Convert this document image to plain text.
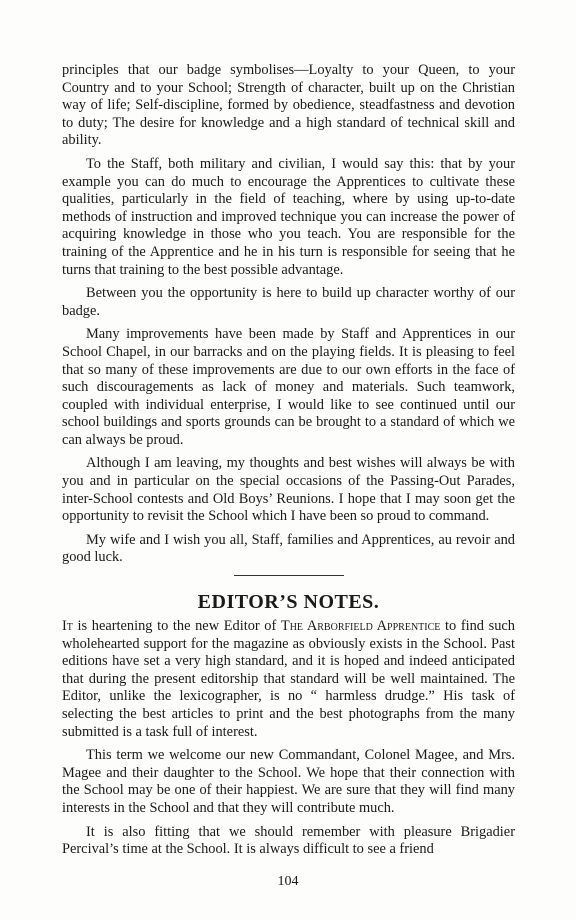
principles that our badge symbolises—Loyalty to your Queen, to your Country and to your School; Strength of character, built up on the Christian way of life; Self-discipline, formed by obedience, steadfastness and devotion to duty; The desire for knowledge and a high standard of technical skill and ability.

To the Staff, both military and civilian, I would say this: that by your example you can do much to encourage the Apprentices to cultivate these qualities, particularly in the field of teaching, where by using up-to-date methods of instruction and improved technique you can increase the power of acquiring knowledge in those who you teach. You are responsible for the training of the Apprentice and he in his turn is responsible for seeing that he turns that training to the best possible advantage.

Between you the opportunity is here to build up character worthy of our badge.

Many improvements have been made by Staff and Apprentices in our School Chapel, in our barracks and on the playing fields. It is pleasing to feel that so many of these improvements are due to our own efforts in the face of such discouragements as lack of money and materials. Such teamwork, coupled with individual enterprise, I would like to see continued until our school buildings and sports grounds can be brought to a standard of which we can always be proud.

Although I am leaving, my thoughts and best wishes will always be with you and in particular on the special occasions of the Passing-Out Parades, inter-School contests and Old Boys’ Reunions. I hope that I may soon get the opportunity to revisit the School which I have been so proud to command.

My wife and I wish you all, Staff, families and Apprentices, au revoir and good luck.

EDITOR’S NOTES.

It is heartening to the new Editor of The Arborfield Apprentice to find such wholehearted support for the magazine as obviously exists in the School. Past editions have set a very high standard, and it is hoped and indeed anticipated that during the present editorship that standard will be well maintained. The Editor, unlike the lexicographer, is no “ harmless drudge.” His task of selecting the best articles to print and the best photographs from the many submitted is a task full of interest.

This term we welcome our new Commandant, Colonel Magee, and Mrs. Magee and their daughter to the School. We hope that their connection with the School may be one of their happiest. We are sure that they will find many interests in the School and that they will contribute much.

It is also fitting that we should remember with pleasure Brigadier Percival’s time at the School. It is always difficult to see a friend

104
